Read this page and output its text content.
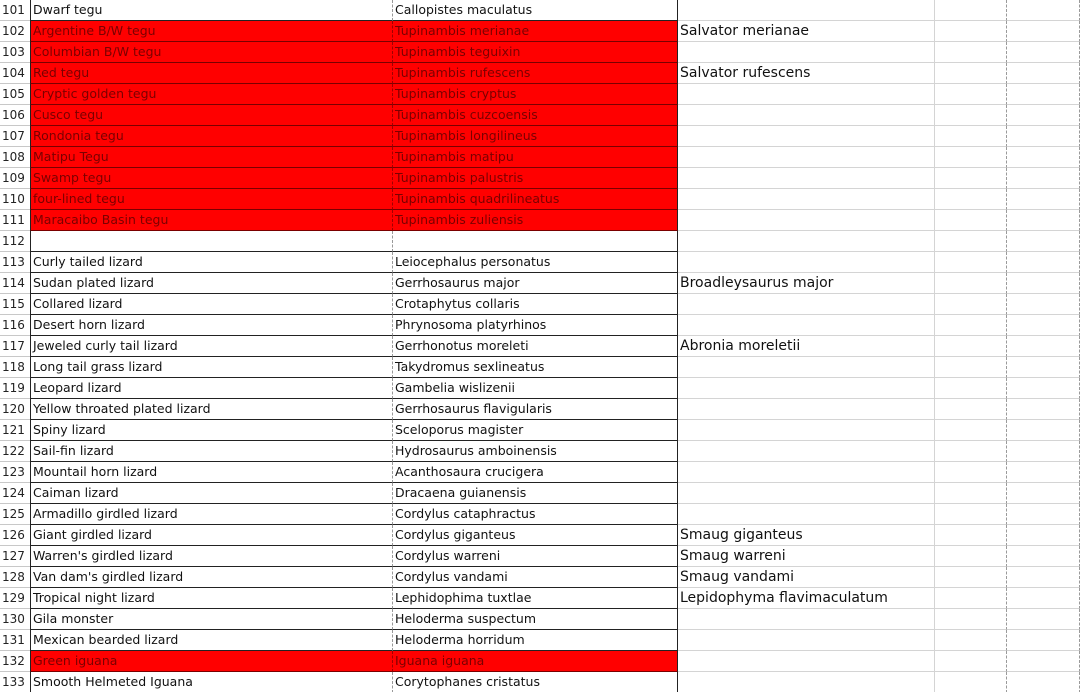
101 Dwarf tegu	Callopistes maculatus
102 Argentine B/W tegu	Tupinambis merianae	Salvator merianae
103 Columbian B/W tegu	Tupinambis teguixin
104 Red tegu	Tupinambis rufescens	Salvator rufescens
105 Cryptic golden tegu	Tupinambis cryptus
106 Cusco tegu	Tupinambis cuzcoensis
107 Rondonia tegu	Tupinambis longilineus
108 Matipu Tegu	Tupinambis matipu
109 Swamp tegu	Tupinambis palustris
110 four-lined tegu	Tupinambis quadrilineatus
111 Maracaibo Basin tegu	Tupinambis zuliensis
112
113 Curly tailed lizard	Leiocephalus personatus
114 Sudan plated lizard	Gerrhosaurus major	Broadleysaurus major
115 Collared lizard	Crotaphytus collaris
116 Desert horn lizard	Phrynosoma platyrhinos
117 Jeweled curly tail lizard	Gerrhonotus moreleti	Abronia moreletii
118 Long tail grass lizard	Takydromus sexlineatus
119 Leopard lizard	Gambelia wislizenii
120 Yellow throated plated lizard	Gerrhosaurus flavigularis
121 Spiny lizard	Sceloporus magister
122 Sail-fin lizard	Hydrosaurus amboinensis
123 Mountail horn lizard	Acanthosaura crucigera
124 Caiman lizard	Dracaena guianensis
125 Armadillo girdled lizard	Cordylus cataphractus
126 Giant girdled lizard	Cordylus giganteus	Smaug giganteus
127 Warren's girdled lizard	Cordylus warreni	Smaug warreni
128 Van dam's girdled lizard	Cordylus vandami	Smaug vandami
129 Tropical night lizard	Lephidophima tuxtlae	Lepidophyma flavimaculatum
130 Gila monster	Heloderma suspectum
131 Mexican bearded lizard	Heloderma horridum
132 Green iguana	Iguana iguana
133 Smooth Helmeted Iguana	Corytophanes cristatus
